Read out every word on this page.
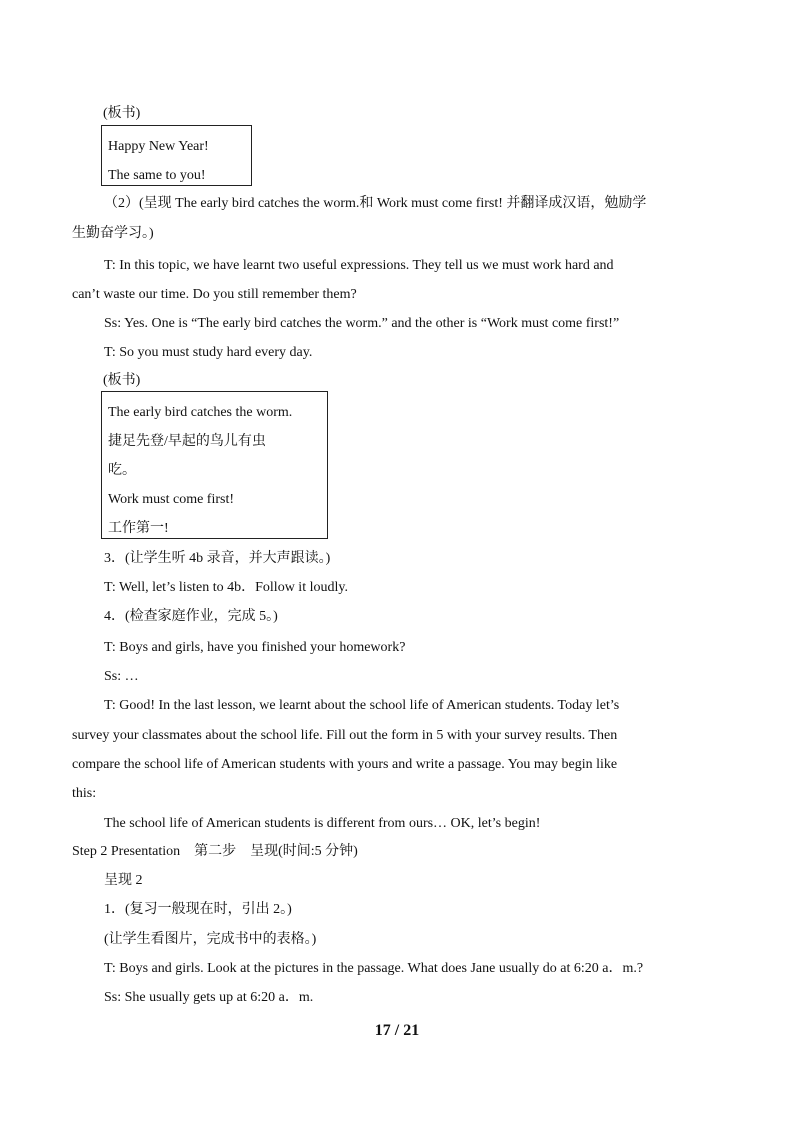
(板书)
Happy New Year!
The same to you!
（2）(呈现 The early bird catches the worm.和 Work must come first! 并翻译成汉语，勉励学
生勤奋学习。)
T: In this topic, we have learnt two useful expressions. They tell us we must work hard and
can’t waste our time. Do you still remember them?
Ss: Yes. One is “The early bird catches the worm.” and the other is “Work must come first!”
T: So you must study hard every day.
(板书)
The early bird catches the worm.
捷足先登/早起的鸟儿有虫
吃。
Work must come first!
工作第一!
3．(让学生听 4b 录音，并大声跟读。)
T: Well, let’s listen to 4b．Follow it loudly.
4．(检查家庭作业，完成 5。)
T: Boys and girls, have you finished your homework?
Ss: …
T: Good! In the last lesson, we learnt about the school life of American students. Today let’s
survey your classmates about the school life. Fill out the form in 5 with your survey results. Then
compare the school life of American students with yours and write a passage. You may begin like
this:
The school life of American students is different from ours… OK, let’s begin!
Step 2 Presentation　第二步　呈现(时间:5 分钟)
呈现 2
1．(复习一般现在时，引出 2。)
(让学生看图片，完成书中的表格。)
T: Boys and girls. Look at the pictures in the passage. What does Jane usually do at 6:20 a．m.?
Ss: She usually gets up at 6:20 a．m.
17 / 21
